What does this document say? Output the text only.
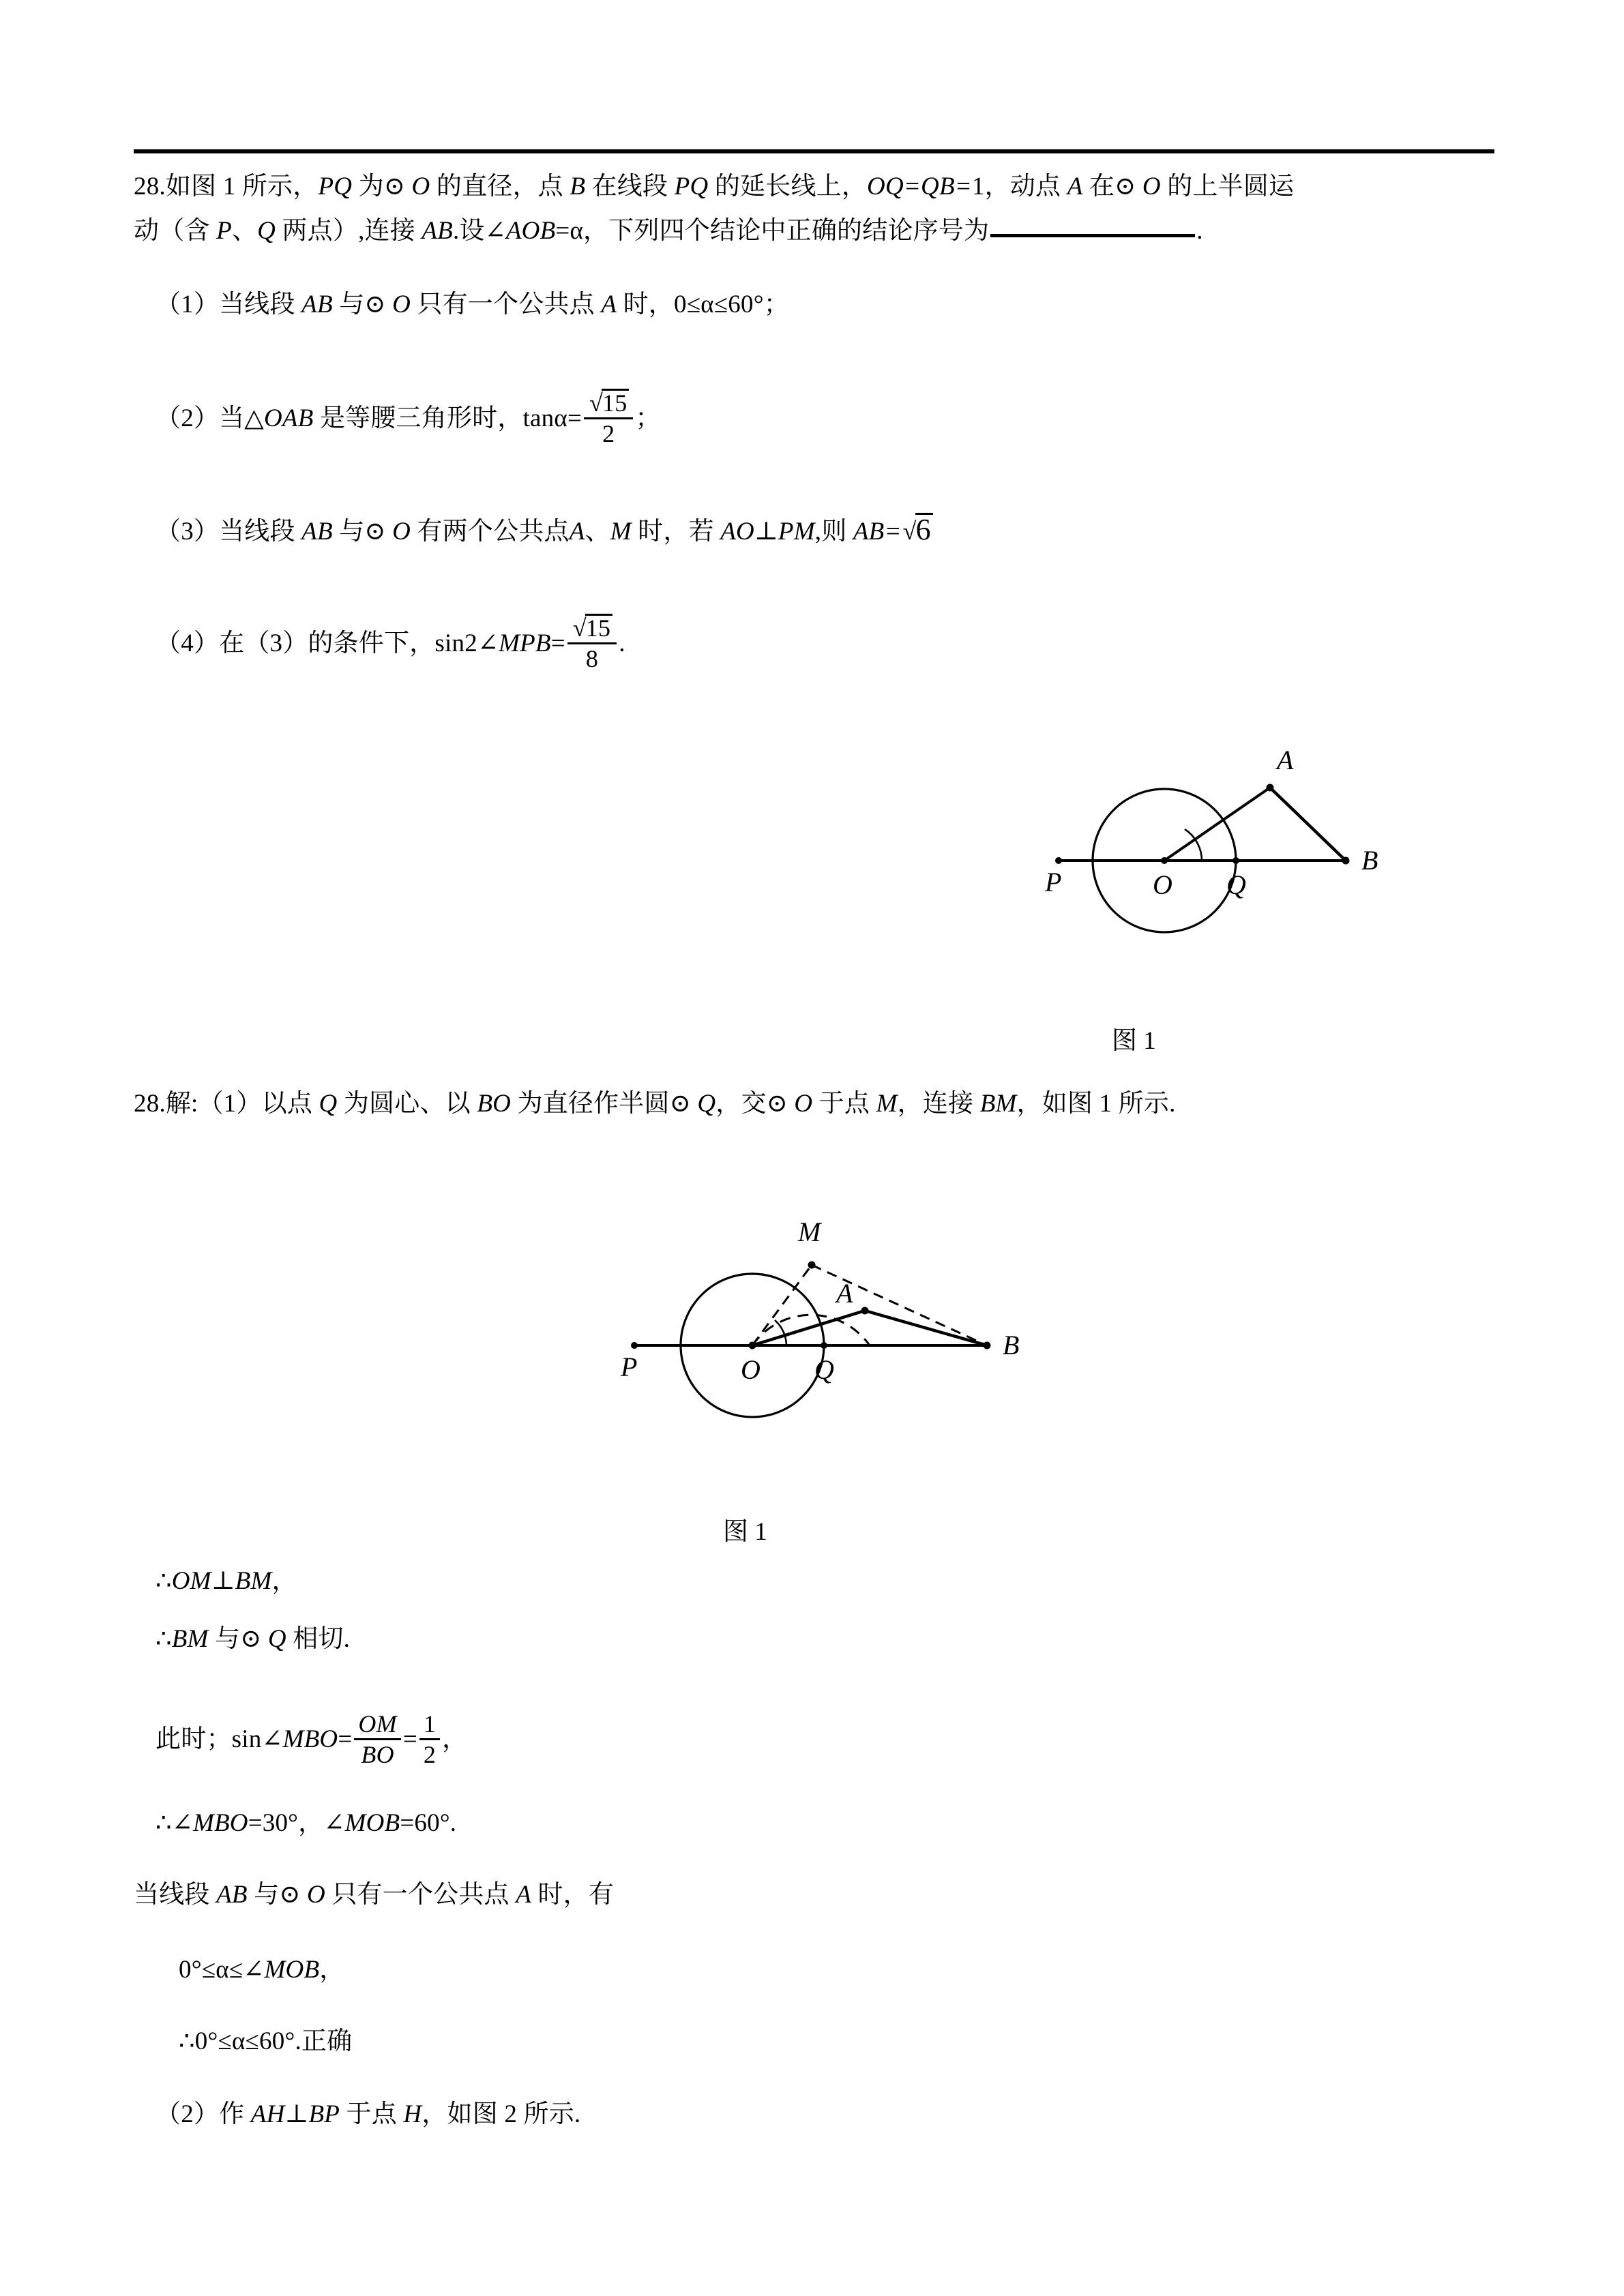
28.如图 1 所示，PQ 为⊙ O 的直径，点 B 在线段 PQ 的延长线上，OQ=QB=1，动点 A 在⊙ O 的上半圆运
动（含 P、Q 两点）,连接 AB.设∠AOB=α，下列四个结论中正确的结论序号为	.
（1）当线段 AB 与⊙ O 只有一个公共点 A 时，0≤α≤60°；
（2）当△OAB 是等腰三角形时，$\tan\alpha= \frac{√15}{2}$ ；
（3）当线段 AB 与⊙ O 有两个公共点A、M 时，若 AO⊥PM,则 AB=√6
（4）在（3）的条件下，sin2∠MPB= $\frac{√15}{8}$ .
P	O Q
B
A
图 1
28.解:（1）以点 Q 为圆心、以 BO 为直径作半圆⊙ Q，交⊙ O 于点 M，连接 BM，如图 1 所示.
P	O Q
B
A
M
图 1
∴OM⊥BM，
∴BM 与⊙ Q 相切.
此时；sin∠MBO= $\frac{OM}{BO} = \frac{1}{2}$ ，
∴∠MBO=30°，∠MOB=60°.
当线段 AB 与⊙ O 只有一个公共点 A 时，有
0°≤α≤∠MOB，
∴0°≤α≤60°.正确
（2）作 AH⊥BP 于点 H，如图 2 所示.
